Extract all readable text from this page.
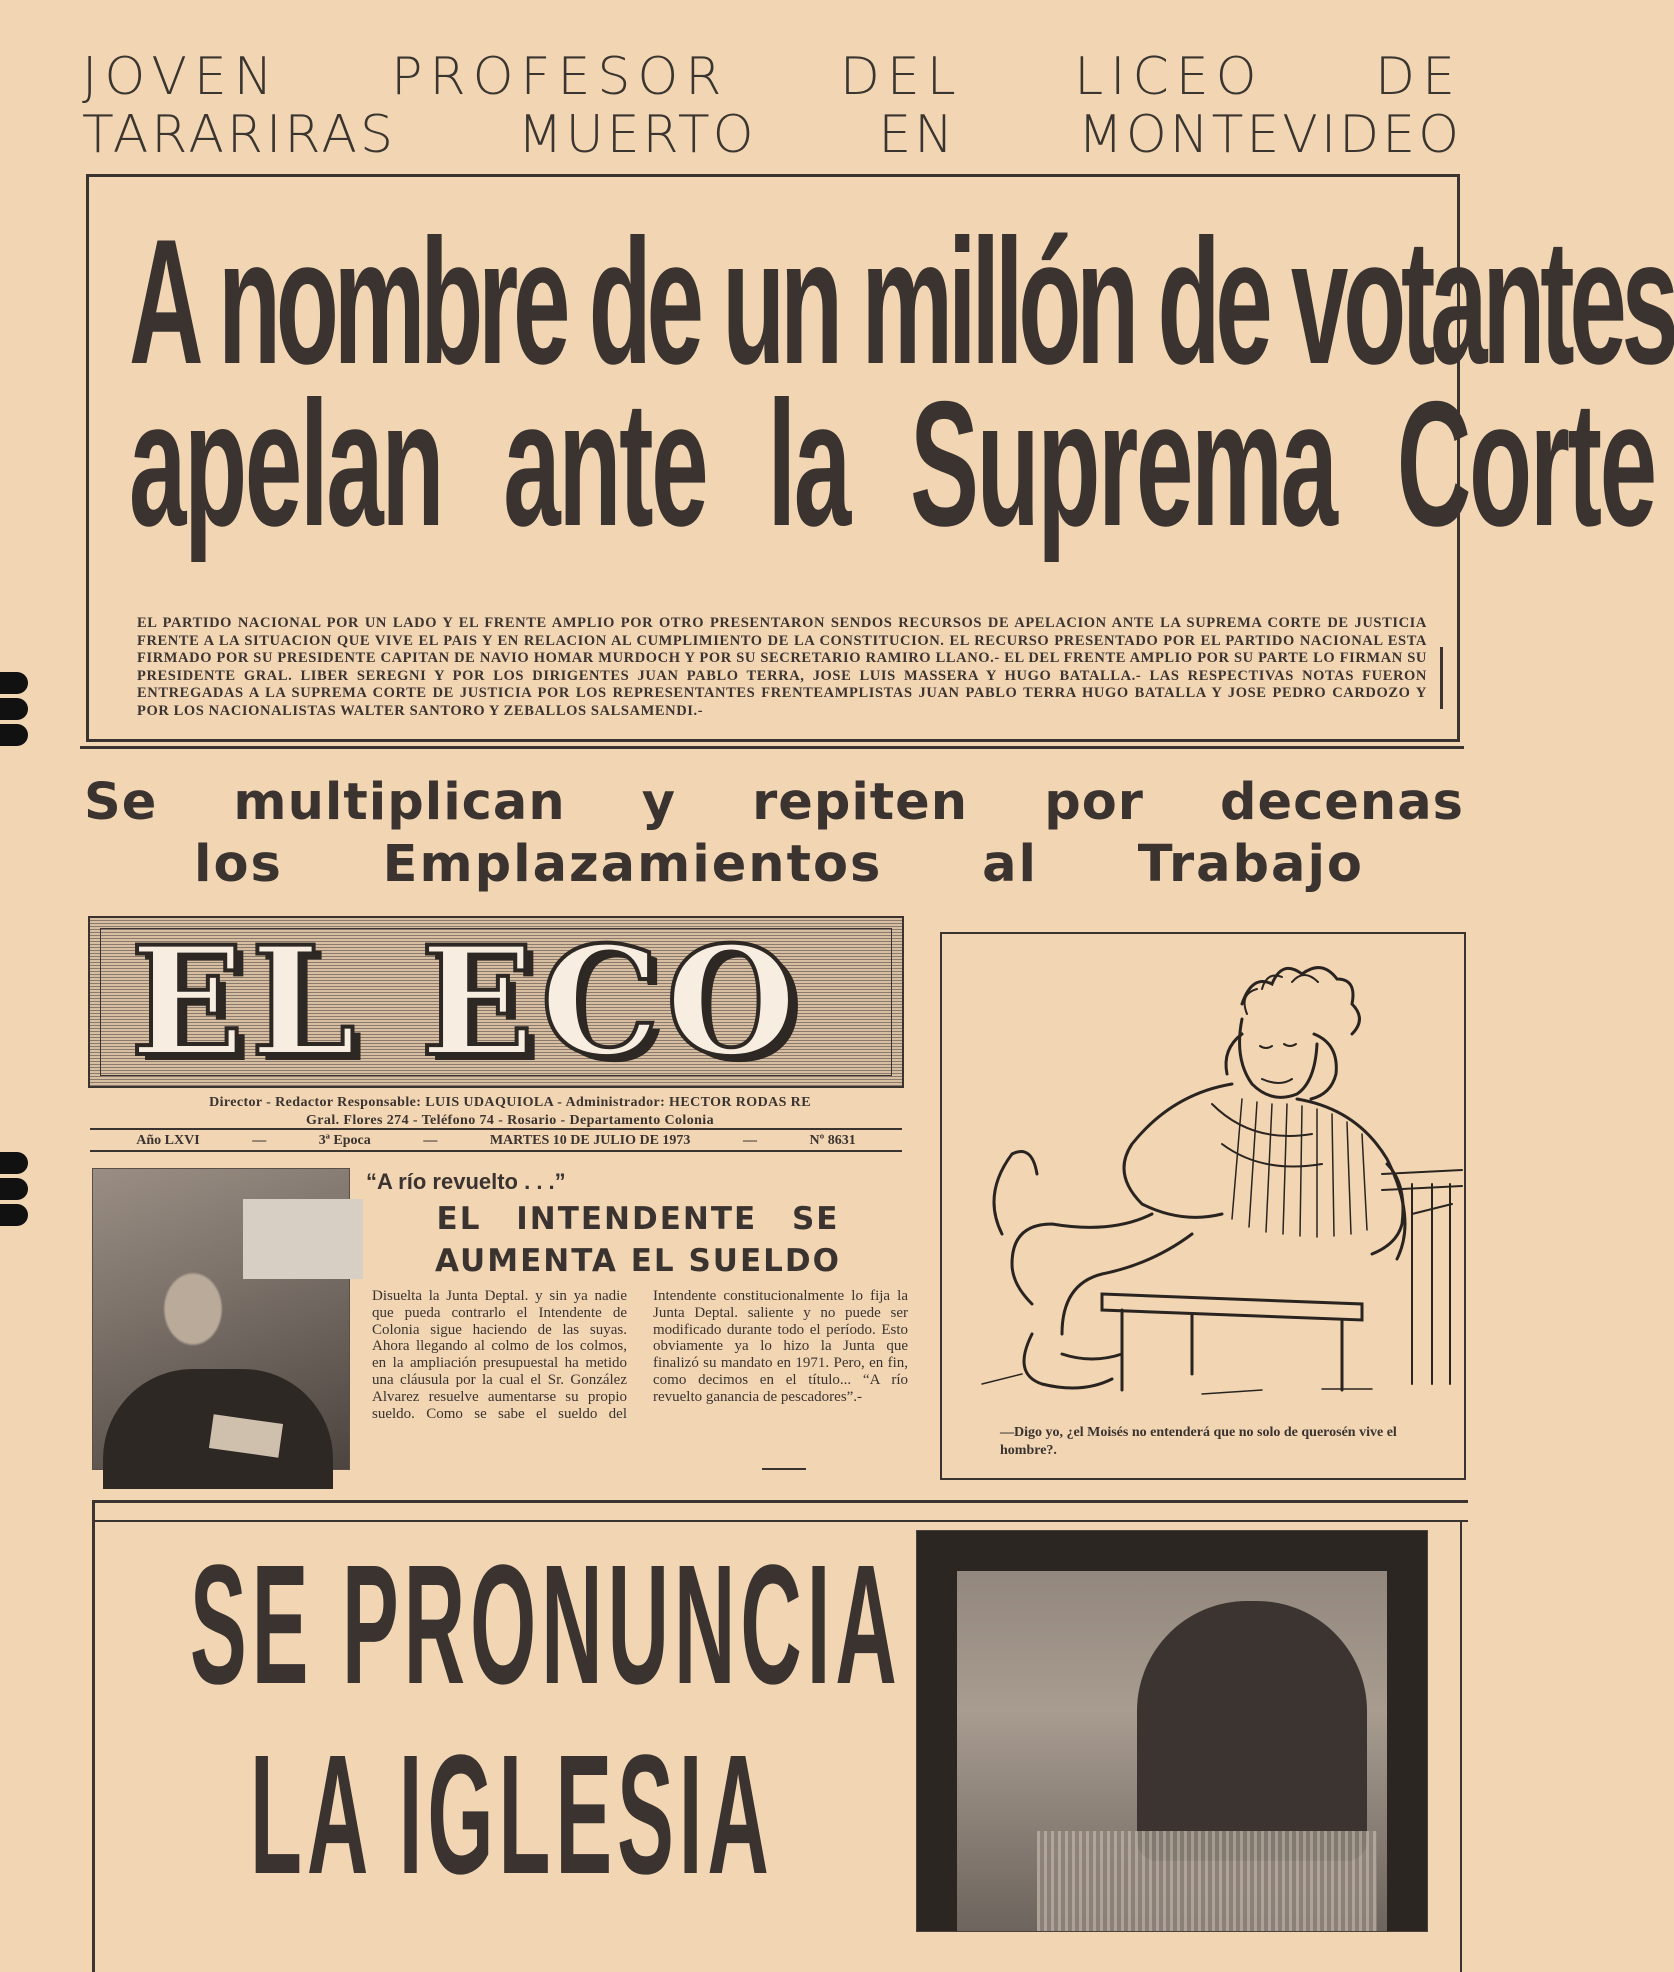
JOVEN PROFESOR DEL LICEO DE
TARARIRAS MUERTO EN MONTEVIDEO
A nombre de un millón de votantes
apelan ante la Suprema Corte
EL PARTIDO NACIONAL POR UN LADO Y EL FRENTE AMPLIO POR OTRO PRESENTARON SENDOS RECURSOS DE APELACION ANTE LA SUPREMA CORTE DE JUSTICIA FRENTE A LA SITUACION QUE VIVE EL PAIS Y EN RELACION AL CUMPLIMIENTO DE LA CONSTITUCION. EL RECURSO PRESENTADO POR EL PARTIDO NACIONAL ESTA FIRMADO POR SU PRESIDENTE CAPITAN DE NAVIO HOMAR MURDOCH Y POR SU SECRETARIO RAMIRO LLANO.- EL DEL FRENTE AMPLIO POR SU PARTE LO FIRMAN SU PRESIDENTE GRAL. LIBER SEREGNI Y POR LOS DIRIGENTES JUAN PABLO TERRA, JOSE LUIS MASSERA Y HUGO BATALLA.- LAS RESPECTIVAS NOTAS FUERON ENTREGADAS A LA SUPREMA CORTE DE JUSTICIA POR LOS REPRESENTANTES FRENTEAMPLISTAS JUAN PABLO TERRA HUGO BATALLA Y JOSE PEDRO CARDOZO Y POR LOS NACIONALISTAS WALTER SANTORO Y ZEBALLOS SALSAMENDI.-
Se multiplican y repiten por decenas
los Emplazamientos al Trabajo
EL ECO
Director - Redactor Responsable: LUIS UDAQUIOLA - Administrador: HECTOR RODAS RE
Gral. Flores 274 - Teléfono 74 - Rosario - Departamento Colonia
Año LXVI	—	3ª Epoca	—	MARTES 10 DE JULIO DE 1973	—	Nº 8631
“A río revuelto . . .”
EL INTENDENTE SE
AUMENTA EL SUELDO
Disuelta la Junta Deptal. y sin ya nadie que pueda contrarlo el Intendente de Colonia sigue haciendo de las suyas. Ahora llegando al colmo de los colmos, en la ampliación presupuestal ha metido una cláusula por la cual el Sr. González Alvarez resuelve aumentarse su propio sueldo. Como se sabe el sueldo del Intendente constitucionalmente lo fija la Junta Deptal. saliente y no puede ser modificado durante todo el período. Esto obviamente ya lo hizo la Junta que finalizó su mandato en 1971. Pero, en fin, como decimos en el título... “A río revuelto ganancia de pescadores”.-
—Digo yo, ¿el Moisés no entenderá que no solo de querosén vive el hombre?.
SE PRONUNCIA
LA IGLESIA
